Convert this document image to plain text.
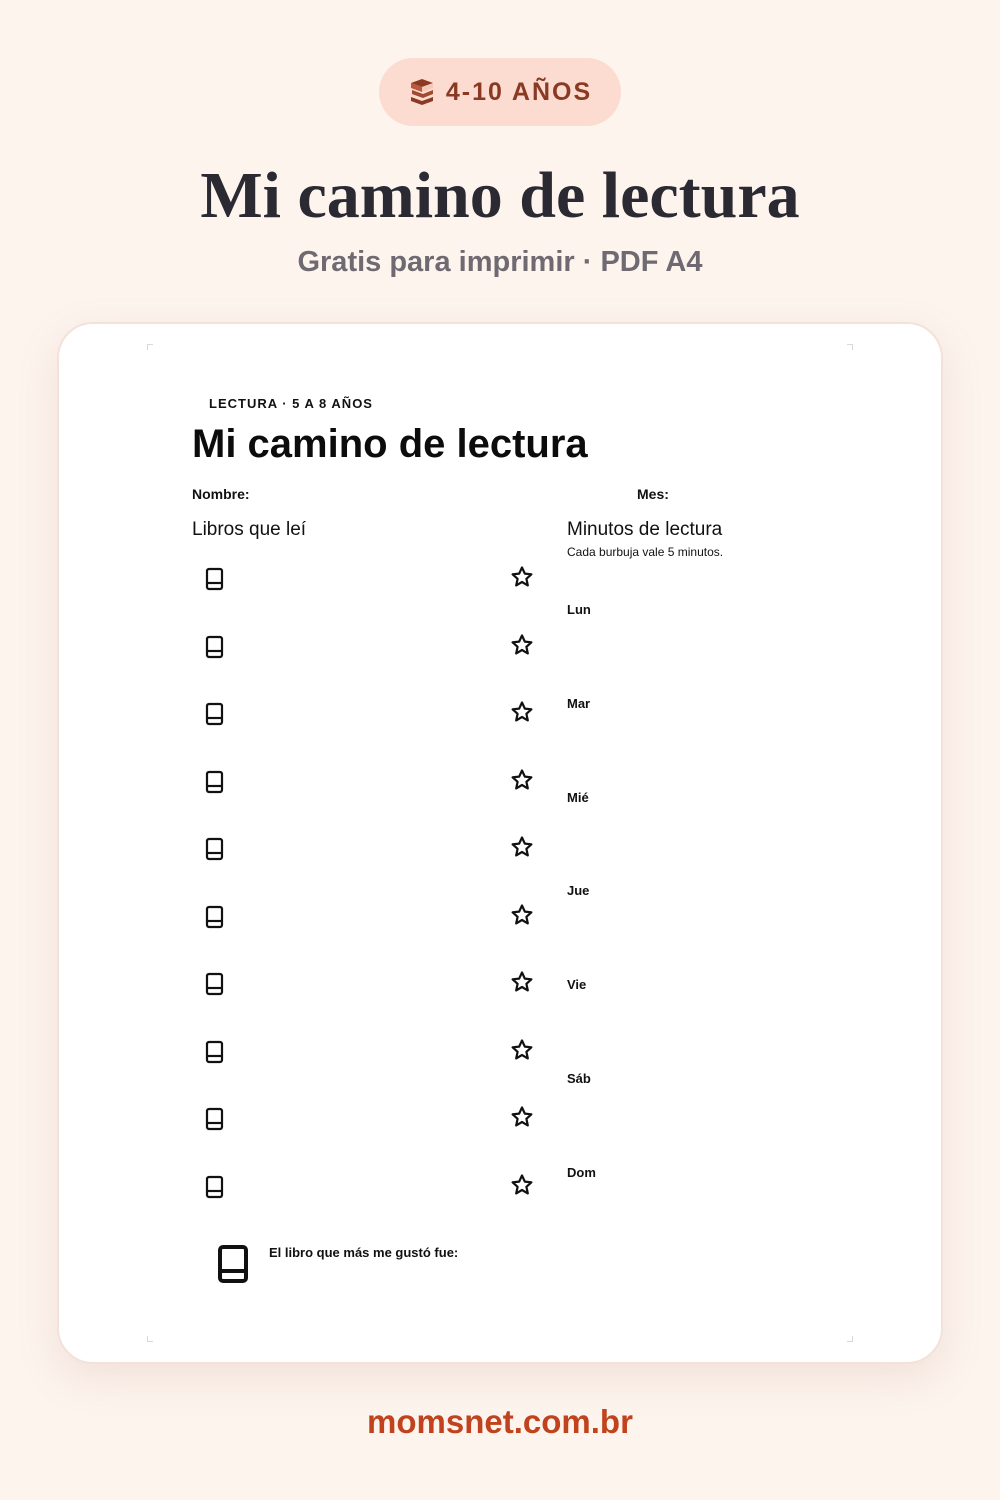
4-10 AÑOS
Mi camino de lectura
Gratis para imprimir · PDF A4
LECTURA · 5 A 8 AÑOS
Mi camino de lectura
Nombre:	Mes:
Libros que leí	Minutos de lectura
Cada burbuja vale 5 minutos.
Lun
Mar
Mié
Jue
Vie
Sáb
Dom
El libro que más me gustó fue:
momsnet.com.br
